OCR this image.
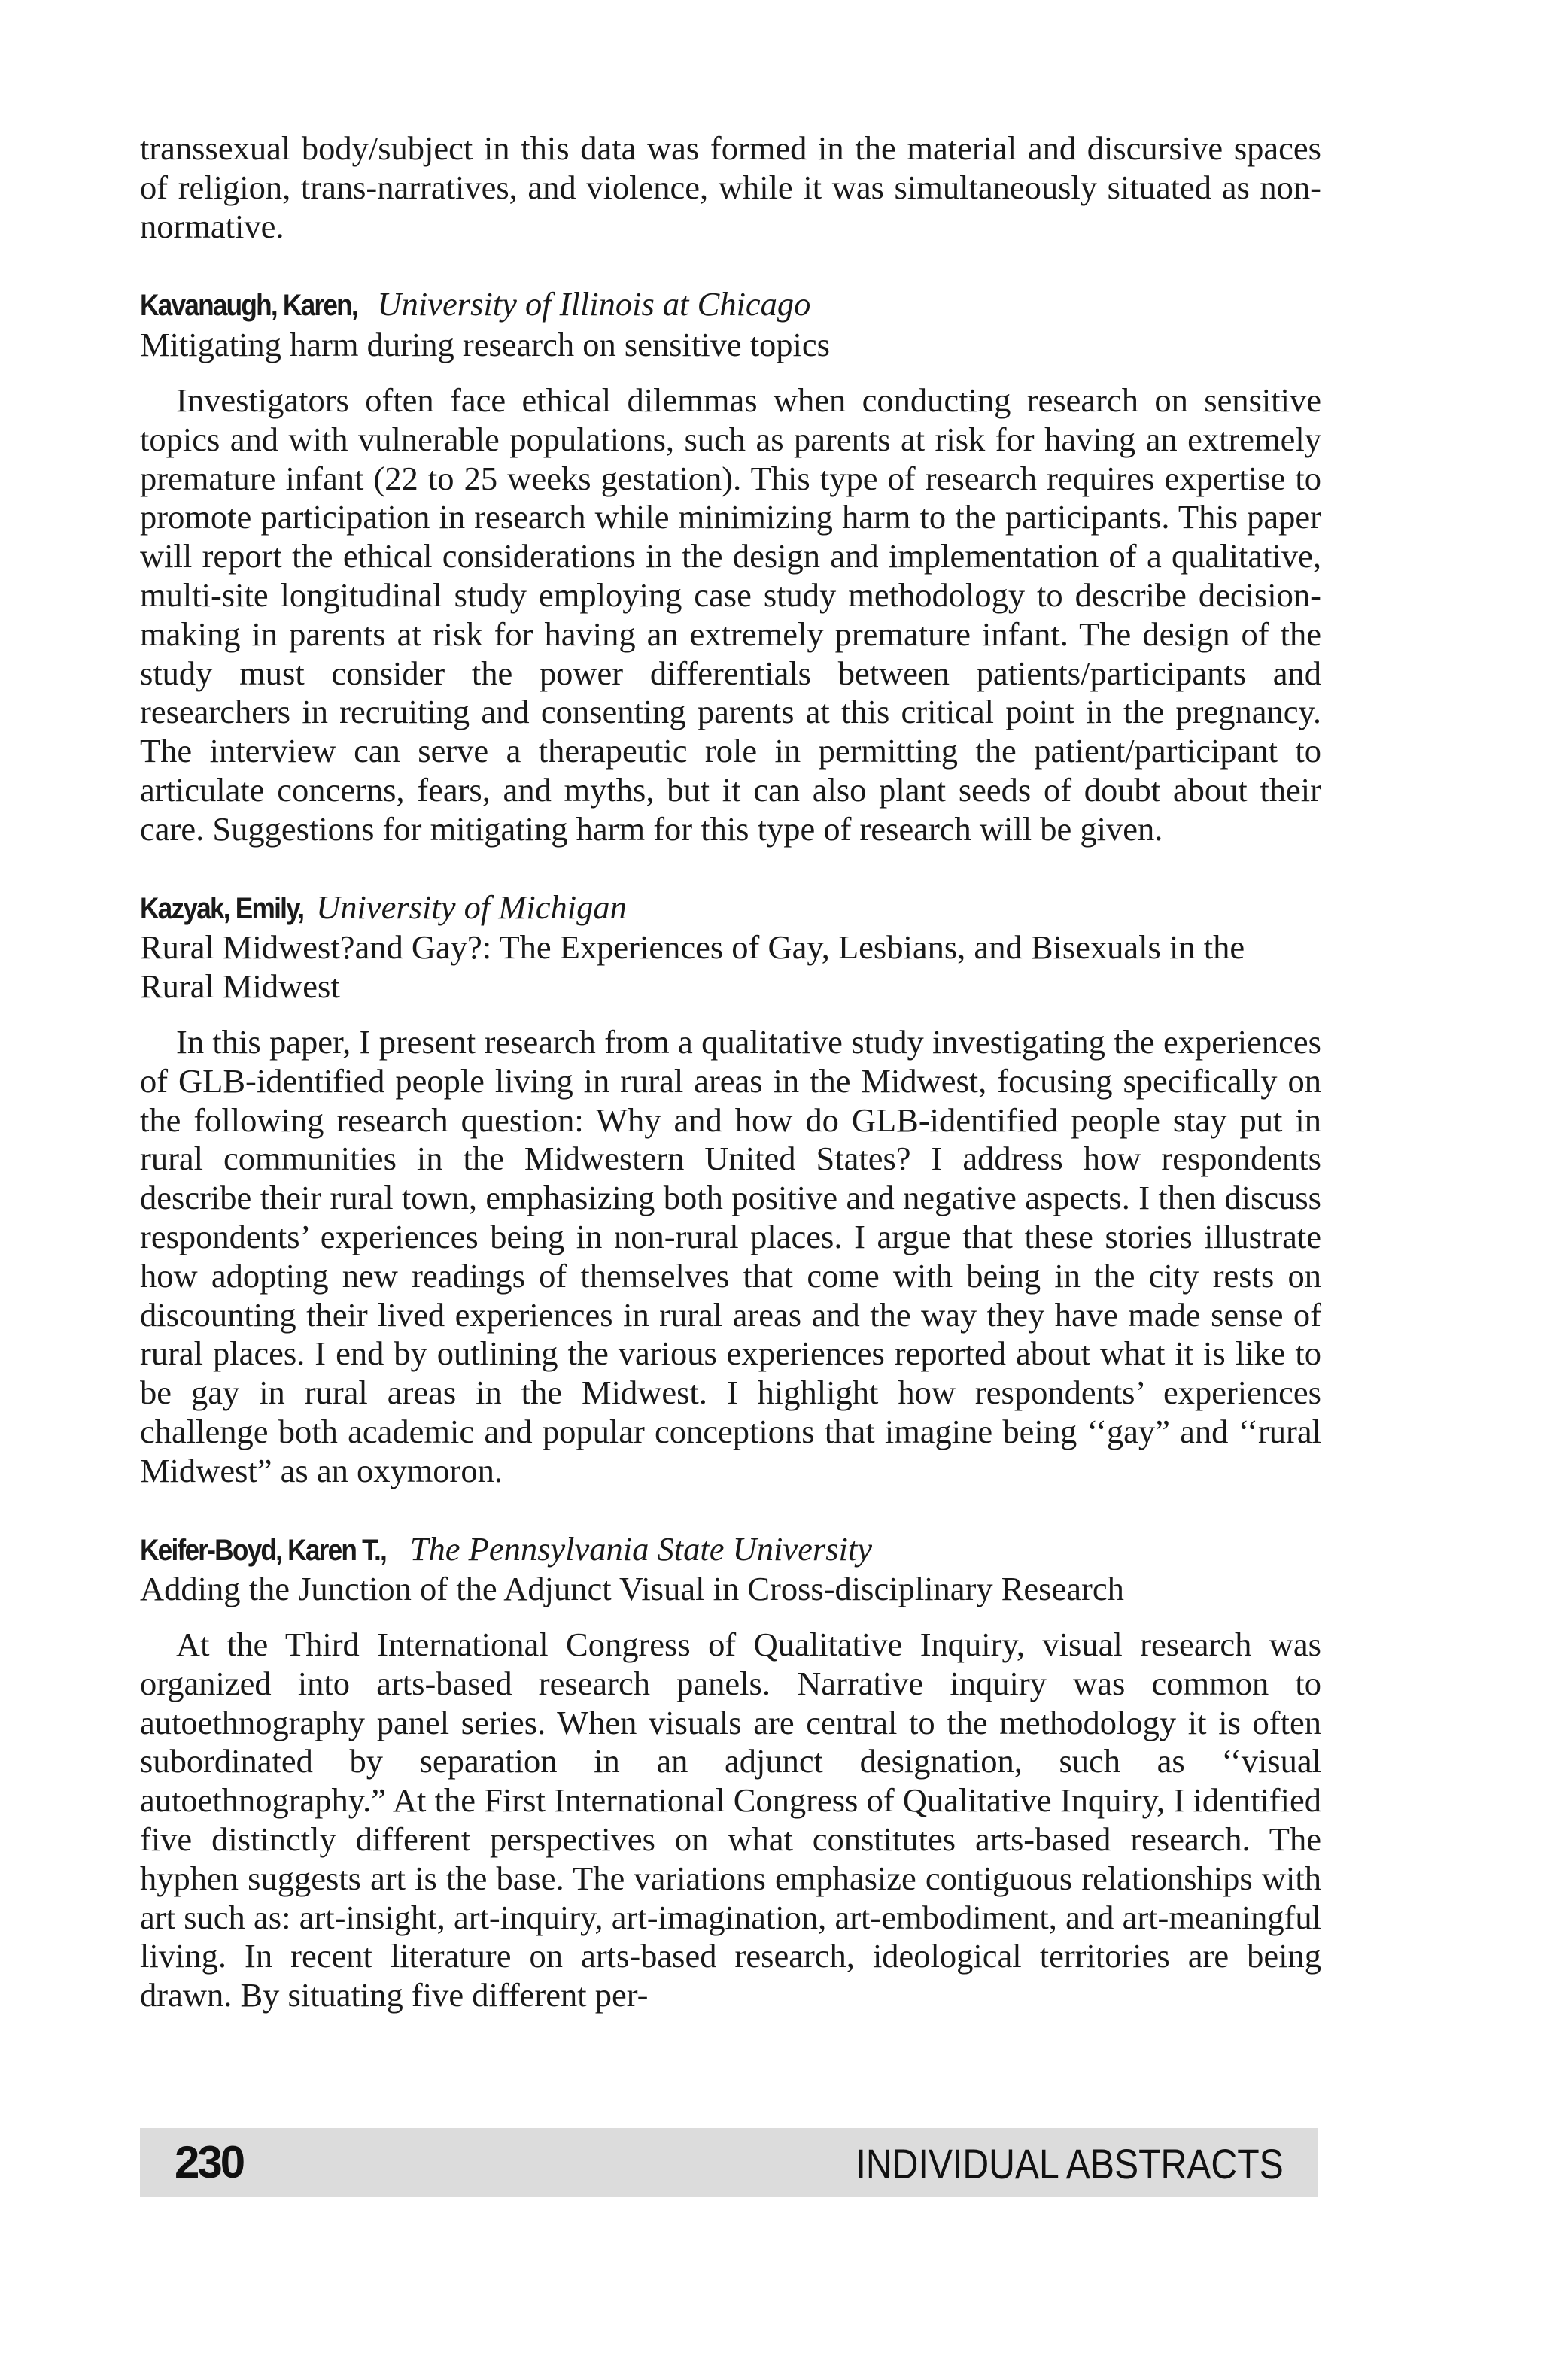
transsexual body/subject in this data was formed in the material and discursive spaces of religion, trans-narratives, and violence, while it was simultaneously situated as non-normative.

Kavanaugh, Karen, University of Illinois at Chicago

Mitigating harm during research on sensitive topics

Investigators often face ethical dilemmas when conducting research on sensitive topics and with vulnerable populations, such as parents at risk for having an extremely premature infant (22 to 25 weeks gestation). This type of research requires expertise to promote participation in research while minimizing harm to the participants. This paper will report the ethical considerations in the design and implementation of a qualitative, multi-site longitudinal study employing case study methodology to describe decision-making in parents at risk for having an extremely premature infant. The design of the study must consider the power differentials between patients/participants and researchers in recruiting and consenting parents at this critical point in the pregnancy. The interview can serve a therapeutic role in permitting the patient/participant to articulate concerns, fears, and myths, but it can also plant seeds of doubt about their care. Suggestions for mitigating harm for this type of research will be given.

Kazyak, Emily, University of Michigan

Rural Midwest?and Gay?: The Experiences of Gay, Lesbians, and Bisexuals in the Rural Midwest

In this paper, I present research from a qualitative study investigating the experiences of GLB-identified people living in rural areas in the Midwest, focusing specifically on the following research question: Why and how do GLB-identified people stay put in rural communities in the Midwestern United States? I address how respondents describe their rural town, emphasizing both positive and negative aspects. I then discuss respondents’ experiences being in non-rural places. I argue that these stories illustrate how adopting new readings of themselves that come with being in the city rests on discounting their lived experiences in rural areas and the way they have made sense of rural places. I end by outlining the various experiences reported about what it is like to be gay in rural areas in the Midwest. I highlight how respondents’ experiences challenge both academic and popular conceptions that imagine being ‘‘gay” and ‘‘rural Midwest” as an oxymoron.

Keifer-Boyd, Karen T., The Pennsylvania State University

Adding the Junction of the Adjunct Visual in Cross-disciplinary Research

At the Third International Congress of Qualitative Inquiry, visual research was organized into arts-based research panels. Narrative inquiry was common to autoethnography panel series. When visuals are central to the methodology it is often subordinated by separation in an adjunct designation, such as ‘‘visual autoethnography.” At the First International Congress of Qualitative Inquiry, I identified five distinctly different perspectives on what constitutes arts-based research. The hyphen suggests art is the base. The variations emphasize contiguous relationships with art such as: art-insight, art-inquiry, art-imagination, art-embodiment, and art-meaningful living. In recent literature on arts-based research, ideological territories are being drawn. By situating five different per-

230	INDIVIDUAL ABSTRACTS
